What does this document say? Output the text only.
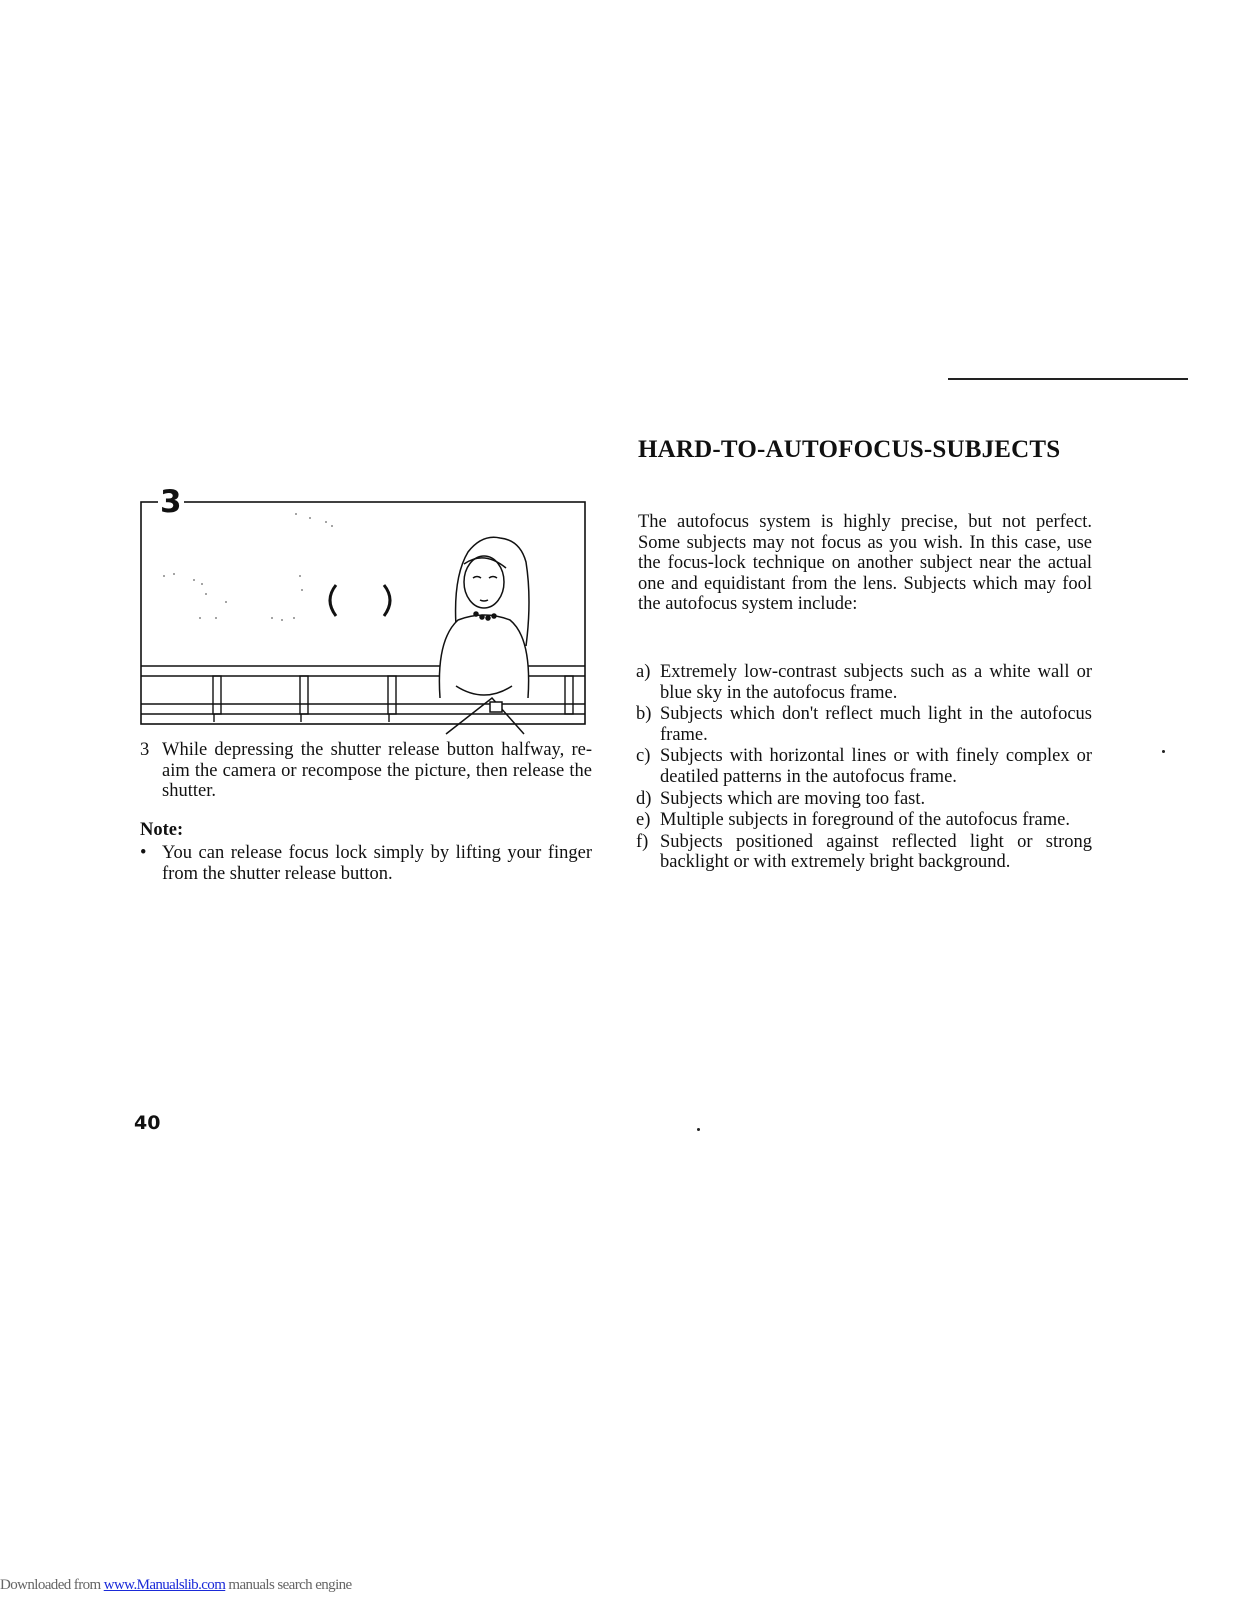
HARD-TO-AUTOFOCUS-SUBJECTS

The autofocus system is highly precise, but not perfect. Some subjects may not focus as you wish. In this case, use the focus-lock technique on another subject near the actual one and equidistant from the lens. Subjects which may fool the autofocus system include:

a) Extremely low-contrast subjects such as a white wall or blue sky in the autofocus frame.
b) Subjects which don't reflect much light in the autofocus frame.
c) Subjects with horizontal lines or with finely complex or deatiled patterns in the autofocus frame.
d) Subjects which are moving too fast.
e) Multiple subjects in foreground of the autofocus frame.
f) Subjects positioned against reflected light or strong backlight or with extremely bright background.
3
3 While depressing the shutter release button halfway, re-aim the camera or recompose the picture, then release the shutter.

Note:

• You can release focus lock simply by lifting your finger from the shutter release button.

40

Downloaded from www.Manualslib.com manuals search engine
